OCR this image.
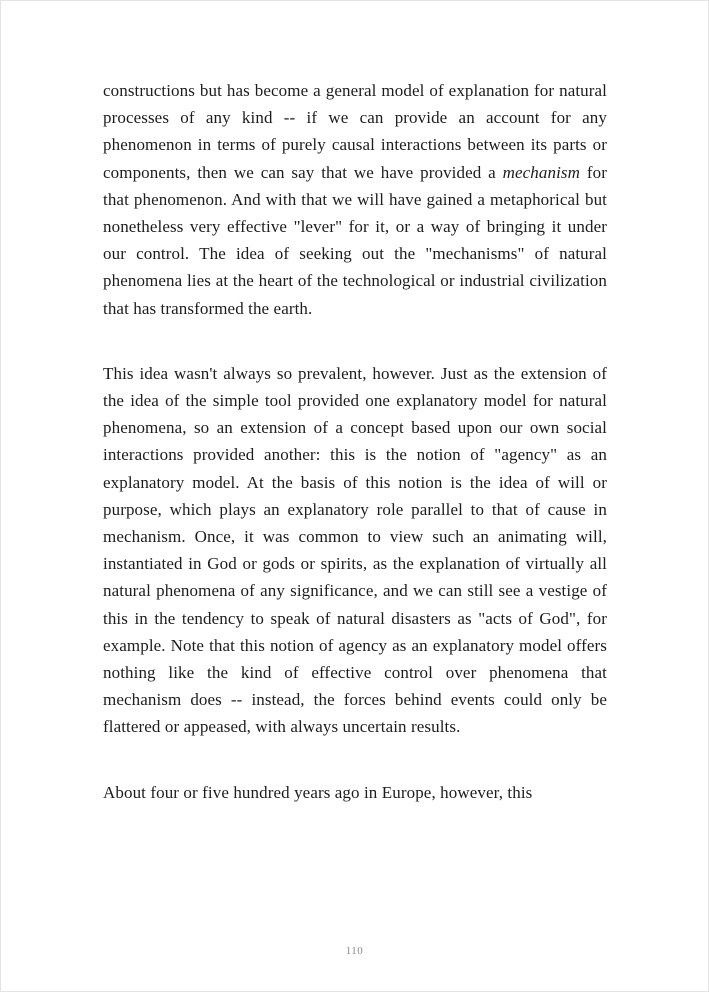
constructions but has become a general model of explanation for natural processes of any kind -- if we can provide an account for any phenomenon in terms of purely causal interactions between its parts or components, then we can say that we have provided a mechanism for that phenomenon. And with that we will have gained a metaphorical but nonetheless very effective "lever" for it, or a way of bringing it under our control. The idea of seeking out the "mechanisms" of natural phenomena lies at the heart of the technological or industrial civilization that has transformed the earth.

This idea wasn't always so prevalent, however. Just as the extension of the idea of the simple tool provided one explanatory model for natural phenomena, so an extension of a concept based upon our own social interactions provided another: this is the notion of "agency" as an explanatory model. At the basis of this notion is the idea of will or purpose, which plays an explanatory role parallel to that of cause in mechanism. Once, it was common to view such an animating will, instantiated in God or gods or spirits, as the explanation of virtually all natural phenomena of any significance, and we can still see a vestige of this in the tendency to speak of natural disasters as "acts of God", for example. Note that this notion of agency as an explanatory model offers nothing like the kind of effective control over phenomena that mechanism does -- instead, the forces behind events could only be flattered or appeased, with always uncertain results.

About four or five hundred years ago in Europe, however, this

110
